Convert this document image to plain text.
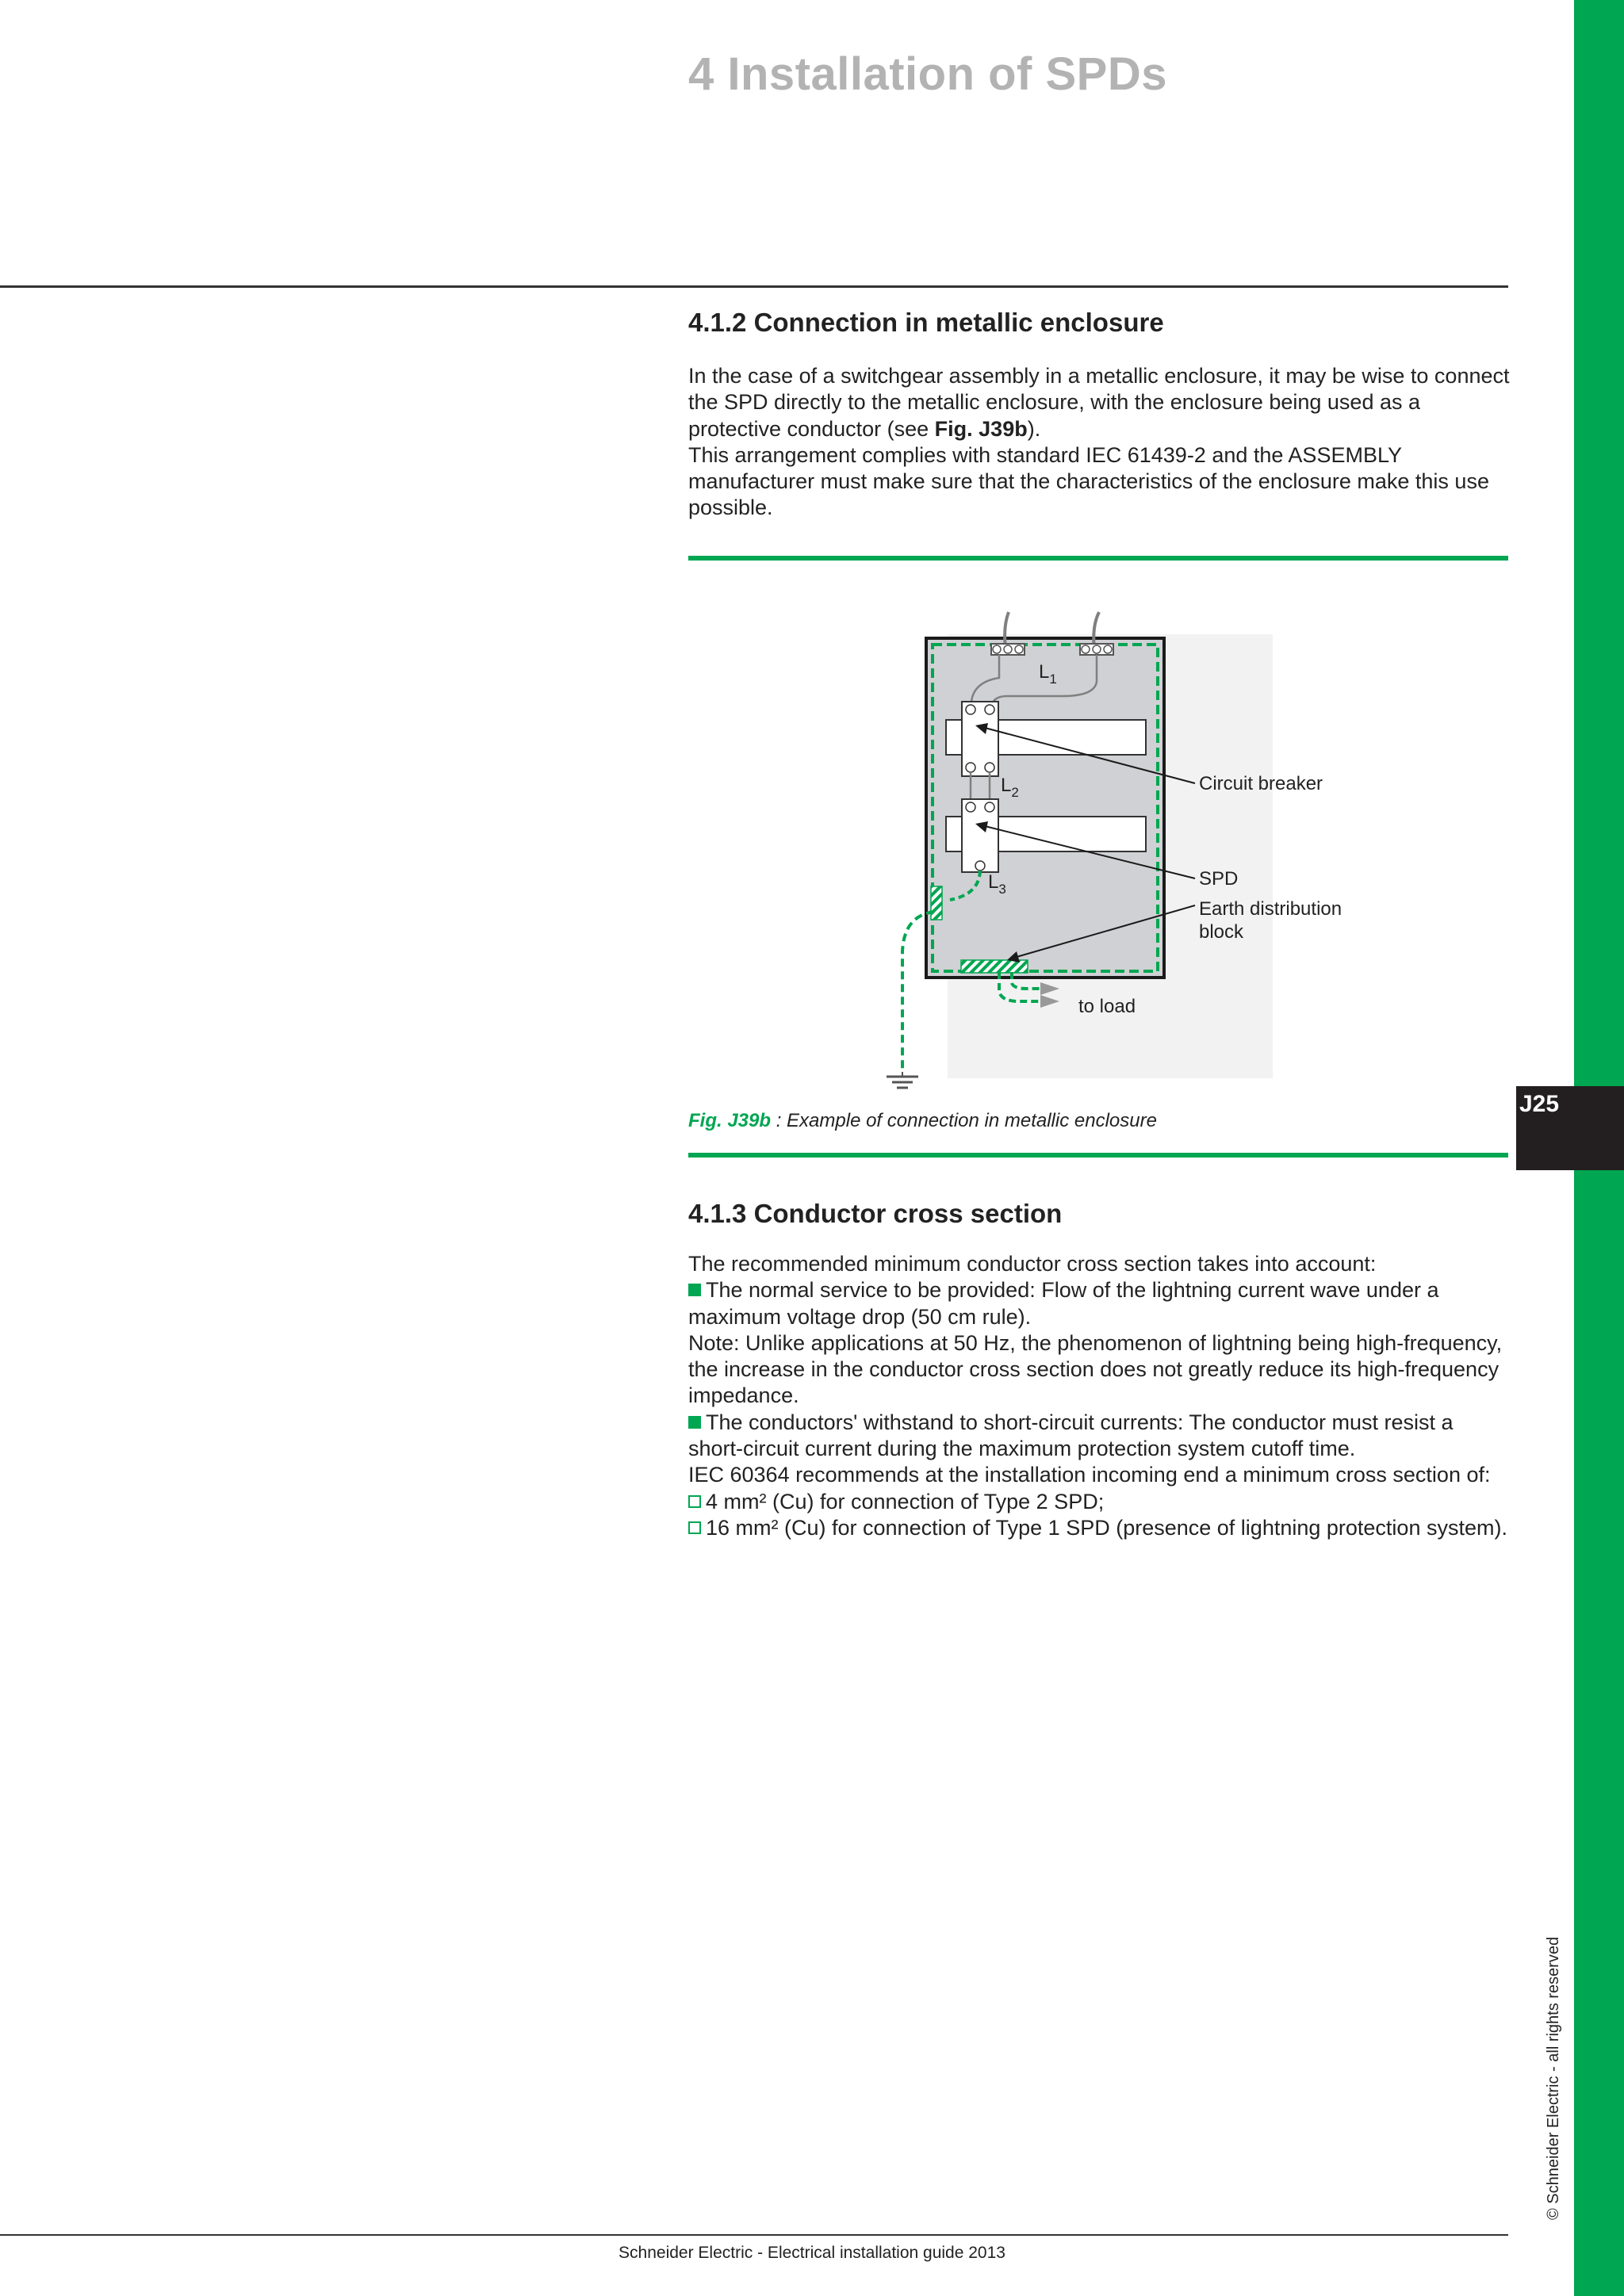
4 Installation of SPDs
4.1.2 Connection in metallic enclosure

In the case of a switchgear assembly in a metallic enclosure, it may be wise to connect the SPD directly to the metallic enclosure, with the enclosure being used as a protective conductor (see Fig. J39b).

This arrangement complies with standard IEC 61439-2 and the ASSEMBLY manufacturer must make sure that the characteristics of the enclosure make this use possible.

$L_1$
$L_2$
$L_3$
Circuit breaker
SPD
Earth distribution
block
to load
Fig. J39b : Example of connection in metallic enclosure
J25
4.1.3 Conductor cross section

The recommended minimum conductor cross section takes into account:

The normal service to be provided: Flow of the lightning current wave under a maximum voltage drop (50 cm rule).

Note: Unlike applications at 50 Hz, the phenomenon of lightning being high-frequency, the increase in the conductor cross section does not greatly reduce its high-frequency impedance.

The conductors' withstand to short-circuit currents: The conductor must resist a short-circuit current during the maximum protection system cutoff time.

IEC 60364 recommends at the installation incoming end a minimum cross section of:

4 mm² (Cu) for connection of Type 2 SPD;

16 mm² (Cu) for connection of Type 1 SPD (presence of lightning protection system).

© Schneider Electric - all rights reserved
Schneider Electric - Electrical installation guide 2013
